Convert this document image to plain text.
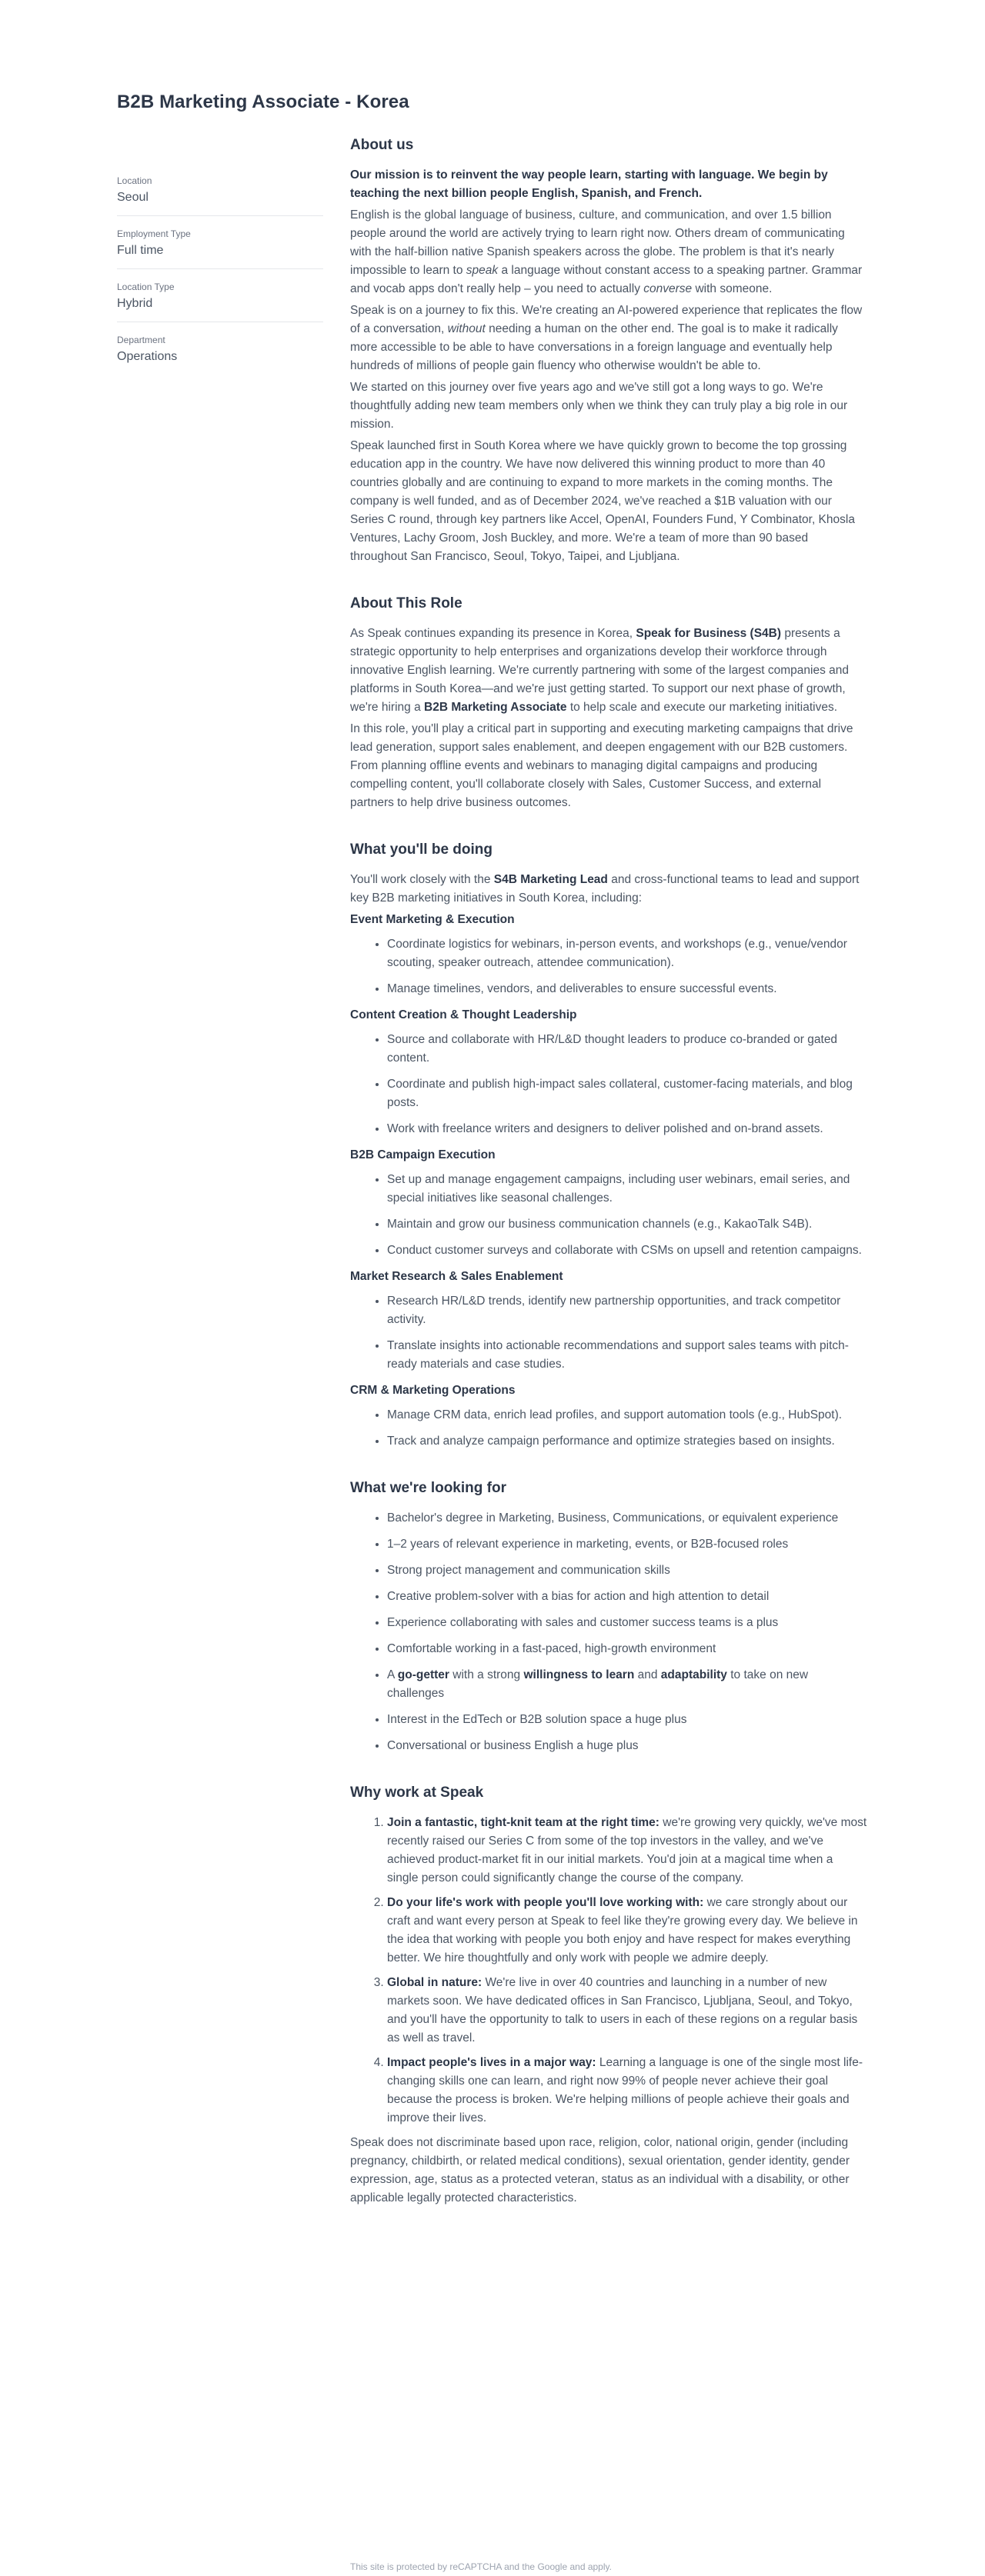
B2B Marketing Associate - Korea

Location

Seoul

Employment Type

Full time

Location Type

Hybrid

Department

Operations

About us

Our mission is to reinvent the way people learn, starting with language. We begin by teaching the next billion people English, Spanish, and French.

English is the global language of business, culture, and communication, and over 1.5 billion people around the world are actively trying to learn right now. Others dream of communicating with the half-billion native Spanish speakers across the globe. The problem is that it's nearly impossible to learn to speak a language without constant access to a speaking partner. Grammar and vocab apps don't really help – you need to actually converse with someone.

Speak is on a journey to fix this. We're creating an AI-powered experience that replicates the flow of a conversation, without needing a human on the other end. The goal is to make it radically more accessible to be able to have conversations in a foreign language and eventually help hundreds of millions of people gain fluency who otherwise wouldn't be able to.

We started on this journey over five years ago and we've still got a long ways to go. We're thoughtfully adding new team members only when we think they can truly play a big role in our mission.

Speak launched first in South Korea where we have quickly grown to become the top grossing education app in the country. We have now delivered this winning product to more than 40 countries globally and are continuing to expand to more markets in the coming months. The company is well funded, and as of December 2024, we've reached a $1B valuation with our Series C round, through key partners like Accel, OpenAI, Founders Fund, Y Combinator, Khosla Ventures, Lachy Groom, Josh Buckley, and more. We're a team of more than 90 based throughout San Francisco, Seoul, Tokyo, Taipei, and Ljubljana.

About This Role

As Speak continues expanding its presence in Korea, Speak for Business (S4B) presents a strategic opportunity to help enterprises and organizations develop their workforce through innovative English learning. We're currently partnering with some of the largest companies and platforms in South Korea—and we're just getting started. To support our next phase of growth, we're hiring a B2B Marketing Associate to help scale and execute our marketing initiatives.

In this role, you'll play a critical part in supporting and executing marketing campaigns that drive lead generation, support sales enablement, and deepen engagement with our B2B customers. From planning offline events and webinars to managing digital campaigns and producing compelling content, you'll collaborate closely with Sales, Customer Success, and external partners to help drive business outcomes.

What you'll be doing

You'll work closely with the S4B Marketing Lead and cross-functional teams to lead and support key B2B marketing initiatives in South Korea, including:

Event Marketing & Execution

• Coordinate logistics for webinars, in-person events, and workshops (e.g., venue/vendor scouting, speaker outreach, attendee communication).
• Manage timelines, vendors, and deliverables to ensure successful events.

Content Creation & Thought Leadership

• Source and collaborate with HR/L&D thought leaders to produce co-branded or gated content.
• Coordinate and publish high-impact sales collateral, customer-facing materials, and blog posts.
• Work with freelance writers and designers to deliver polished and on-brand assets.

B2B Campaign Execution

• Set up and manage engagement campaigns, including user webinars, email series, and special initiatives like seasonal challenges.
• Maintain and grow our business communication channels (e.g., KakaoTalk S4B).
• Conduct customer surveys and collaborate with CSMs on upsell and retention campaigns.

Market Research & Sales Enablement

• Research HR/L&D trends, identify new partnership opportunities, and track competitor activity.
• Translate insights into actionable recommendations and support sales teams with pitch-ready materials and case studies.

CRM & Marketing Operations

• Manage CRM data, enrich lead profiles, and support automation tools (e.g., HubSpot).
• Track and analyze campaign performance and optimize strategies based on insights.
What we're looking for
• Bachelor's degree in Marketing, Business, Communications, or equivalent experience
• 1–2 years of relevant experience in marketing, events, or B2B-focused roles
• Strong project management and communication skills
• Creative problem-solver with a bias for action and high attention to detail
• Experience collaborating with sales and customer success teams is a plus
• Comfortable working in a fast-paced, high-growth environment
• A go-getter with a strong willingness to learn and adaptability to take on new challenges
• Interest in the EdTech or B2B solution space a huge plus
• Conversational or business English a huge plus
Why work at Speak
1. Join a fantastic, tight-knit team at the right time: we're growing very quickly, we've most recently raised our Series C from some of the top investors in the valley, and we've achieved product-market fit in our initial markets. You'd join at a magical time when a single person could significantly change the course of the company.
2. Do your life's work with people you'll love working with: we care strongly about our craft and want every person at Speak to feel like they're growing every day. We believe in the idea that working with people you both enjoy and have respect for makes everything better. We hire thoughtfully and only work with people we admire deeply.
3. Global in nature: We're live in over 40 countries and launching in a number of new markets soon. We have dedicated offices in San Francisco, Ljubljana, Seoul, and Tokyo, and you'll have the opportunity to talk to users in each of these regions on a regular basis as well as travel.
4. Impact people's lives in a major way: Learning a language is one of the single most life-changing skills one can learn, and right now 99% of people never achieve their goal because the process is broken. We're helping millions of people achieve their goals and improve their lives.

Speak does not discriminate based upon race, religion, color, national origin, gender (including pregnancy, childbirth, or related medical conditions), sexual orientation, gender identity, gender expression, age, status as a protected veteran, status as an individual with a disability, or other applicable legally protected characteristics.

This site is protected by reCAPTCHA and the Google and apply.
